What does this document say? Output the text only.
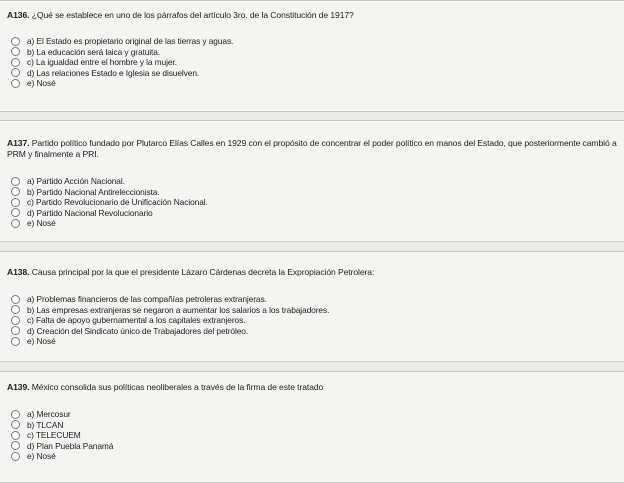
A136. ¿Qué se establece en uno de los párrafos del artículo 3ro. de la Constitución de 1917?
a) El Estado es propietario original de las tierras y aguas.
b) La educación será laica y gratuita.
c) La igualdad entre el hombre y la mujer.
d) Las relaciones Estado e Iglesia se disuelven.
e) Nosé
A137. Partido político fundado por Plutarco Elías Calles en 1929 con el propósito de concentrar el poder político en manos del Estado, que posteriormente cambió a PRM y finalmente a PRI.
a) Partido Acción Nacional.
b) Partido Nacional Antireleccionista.
c) Partido Revolucionario de Unificación Nacional.
d) Partido Nacional Revolucionario
e) Nosé
A138. Causa principal por la que el presidente Lázaro Cárdenas decreta la Expropiación Petrolera:
a) Problemas financieros de las compañías petroleras extranjeras.
b) Las empresas extranjeras se negaron a aumentar los salarios a los trabajadores.
c) Falta de apoyo gubernamental a los capitales extranjeros.
d) Creación del Sindicato único de Trabajadores del petróleo.
e) Nosé
A139. México consolida sus políticas neoliberales a través de la firma de este tratado
a) Mercosur
b) TLCAN
c) TELECUEM
d) Plan Puebla Panamá
e) Nosé
